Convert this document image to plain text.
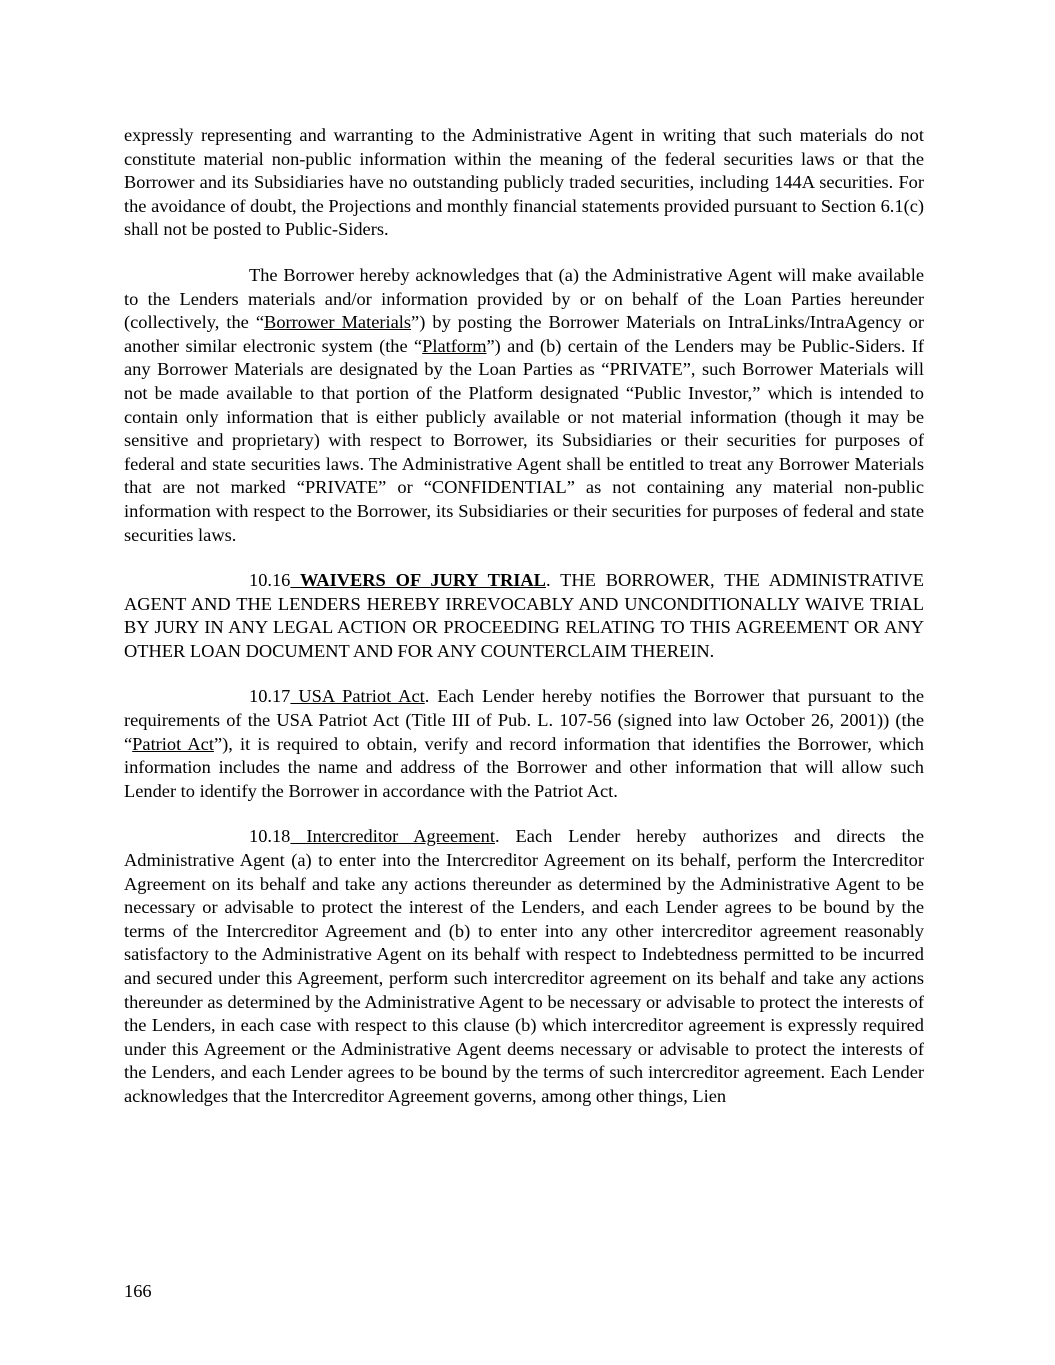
expressly representing and warranting to the Administrative Agent in writing that such materials do not constitute material non-public information within the meaning of the federal securities laws or that the Borrower and its Subsidiaries have no outstanding publicly traded securities, including 144A securities. For the avoidance of doubt, the Projections and monthly financial statements provided pursuant to Section 6.1(c) shall not be posted to Public-Siders.

The Borrower hereby acknowledges that (a) the Administrative Agent will make available to the Lenders materials and/or information provided by or on behalf of the Loan Parties hereunder (collectively, the “Borrower Materials”) by posting the Borrower Materials on IntraLinks/IntraAgency or another similar electronic system (the “Platform”) and (b) certain of the Lenders may be Public-Siders. If any Borrower Materials are designated by the Loan Parties as “PRIVATE”, such Borrower Materials will not be made available to that portion of the Platform designated “Public Investor,” which is intended to contain only information that is either publicly available or not material information (though it may be sensitive and proprietary) with respect to Borrower, its Subsidiaries or their securities for purposes of federal and state securities laws. The Administrative Agent shall be entitled to treat any Borrower Materials that are not marked “PRIVATE” or “CONFIDENTIAL” as not containing any material non-public information with respect to the Borrower, its Subsidiaries or their securities for purposes of federal and state securities laws.

10.16 WAIVERS OF JURY TRIAL. THE BORROWER, THE ADMINISTRATIVE AGENT AND THE LENDERS HEREBY IRREVOCABLY AND UNCONDITIONALLY WAIVE TRIAL BY JURY IN ANY LEGAL ACTION OR PROCEEDING RELATING TO THIS AGREEMENT OR ANY OTHER LOAN DOCUMENT AND FOR ANY COUNTERCLAIM THEREIN.

10.17 USA Patriot Act. Each Lender hereby notifies the Borrower that pursuant to the requirements of the USA Patriot Act (Title III of Pub. L. 107-56 (signed into law October 26, 2001)) (the “Patriot Act”), it is required to obtain, verify and record information that identifies the Borrower, which information includes the name and address of the Borrower and other information that will allow such Lender to identify the Borrower in accordance with the Patriot Act.

10.18 Intercreditor Agreement. Each Lender hereby authorizes and directs the Administrative Agent (a) to enter into the Intercreditor Agreement on its behalf, perform the Intercreditor Agreement on its behalf and take any actions thereunder as determined by the Administrative Agent to be necessary or advisable to protect the interest of the Lenders, and each Lender agrees to be bound by the terms of the Intercreditor Agreement and (b) to enter into any other intercreditor agreement reasonably satisfactory to the Administrative Agent on its behalf with respect to Indebtedness permitted to be incurred and secured under this Agreement, perform such intercreditor agreement on its behalf and take any actions thereunder as determined by the Administrative Agent to be necessary or advisable to protect the interests of the Lenders, in each case with respect to this clause (b) which intercreditor agreement is expressly required under this Agreement or the Administrative Agent deems necessary or advisable to protect the interests of the Lenders, and each Lender agrees to be bound by the terms of such intercreditor agreement. Each Lender acknowledges that the Intercreditor Agreement governs, among other things, Lien

166
